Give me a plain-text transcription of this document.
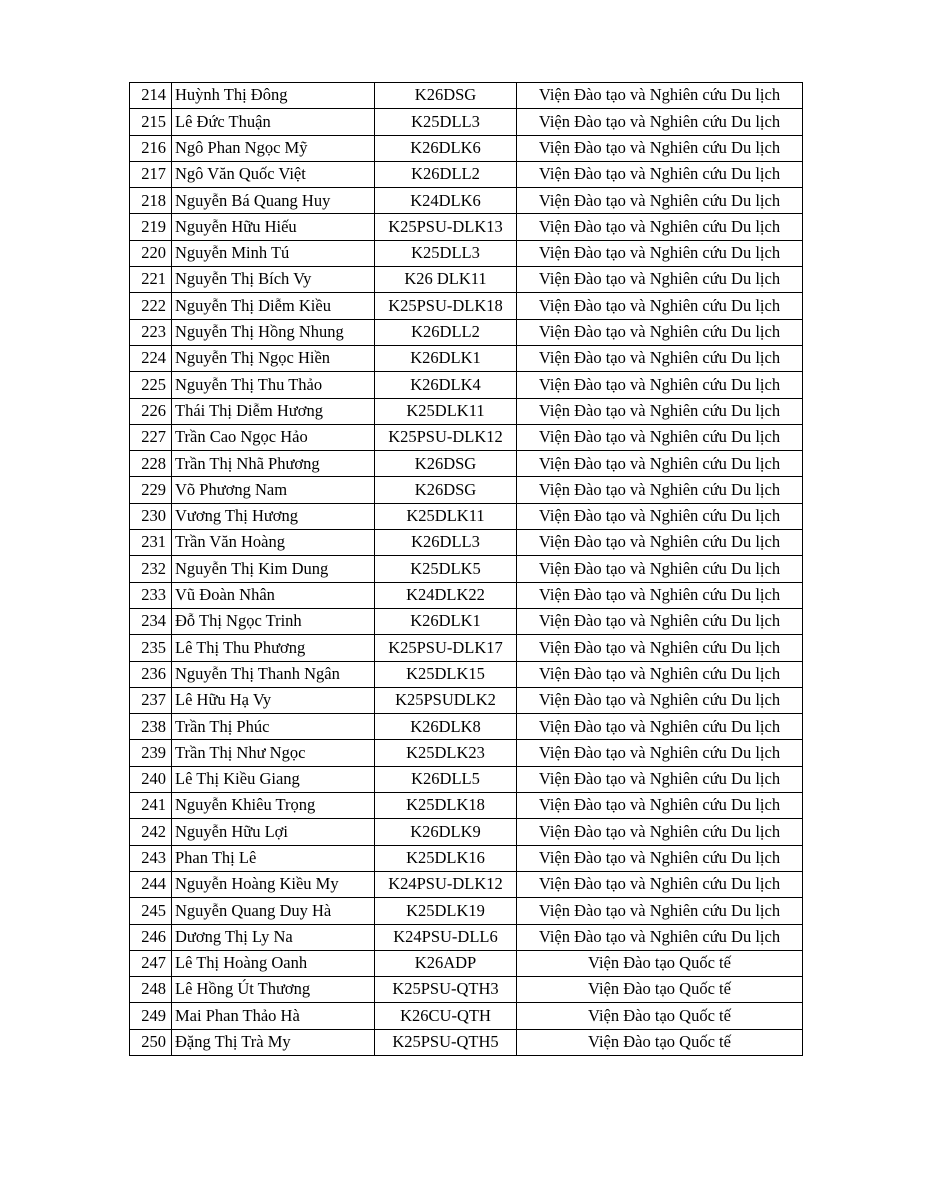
214	Huỳnh Thị Đông	K26DSG	Viện Đào tạo và Nghiên cứu Du lịch
215	Lê Đức Thuận	K25DLL3	Viện Đào tạo và Nghiên cứu Du lịch
216	Ngô Phan Ngọc Mỹ	K26DLK6	Viện Đào tạo và Nghiên cứu Du lịch
217	Ngô Văn Quốc Việt	K26DLL2	Viện Đào tạo và Nghiên cứu Du lịch
218	Nguyễn Bá Quang Huy	K24DLK6	Viện Đào tạo và Nghiên cứu Du lịch
219	Nguyễn Hữu Hiếu	K25PSU-DLK13	Viện Đào tạo và Nghiên cứu Du lịch
220	Nguyễn Minh Tú	K25DLL3	Viện Đào tạo và Nghiên cứu Du lịch
221	Nguyễn Thị Bích Vy	K26 DLK11	Viện Đào tạo và Nghiên cứu Du lịch
222	Nguyễn Thị Diễm Kiều	K25PSU-DLK18	Viện Đào tạo và Nghiên cứu Du lịch
223	Nguyễn Thị Hồng Nhung	K26DLL2	Viện Đào tạo và Nghiên cứu Du lịch
224	Nguyễn Thị Ngọc Hiền	K26DLK1	Viện Đào tạo và Nghiên cứu Du lịch
225	Nguyễn Thị Thu Thảo	K26DLK4	Viện Đào tạo và Nghiên cứu Du lịch
226	Thái Thị Diễm Hương	K25DLK11	Viện Đào tạo và Nghiên cứu Du lịch
227	Trần Cao Ngọc Hảo	K25PSU-DLK12	Viện Đào tạo và Nghiên cứu Du lịch
228	Trần Thị Nhã Phương	K26DSG	Viện Đào tạo và Nghiên cứu Du lịch
229	Võ Phương Nam	K26DSG	Viện Đào tạo và Nghiên cứu Du lịch
230	Vương Thị Hương	K25DLK11	Viện Đào tạo và Nghiên cứu Du lịch
231	Trần Văn Hoàng	K26DLL3	Viện Đào tạo và Nghiên cứu Du lịch
232	Nguyễn Thị Kim Dung	K25DLK5	Viện Đào tạo và Nghiên cứu Du lịch
233	Vũ Đoàn Nhân	K24DLK22	Viện Đào tạo và Nghiên cứu Du lịch
234	Đỗ Thị Ngọc Trinh	K26DLK1	Viện Đào tạo và Nghiên cứu Du lịch
235	Lê Thị Thu Phương	K25PSU-DLK17	Viện Đào tạo và Nghiên cứu Du lịch
236	Nguyễn Thị Thanh Ngân	K25DLK15	Viện Đào tạo và Nghiên cứu Du lịch
237	Lê Hữu Hạ Vy	K25PSUDLK2	Viện Đào tạo và Nghiên cứu Du lịch
238	Trần Thị Phúc	K26DLK8	Viện Đào tạo và Nghiên cứu Du lịch
239	Trần Thị Như Ngọc	K25DLK23	Viện Đào tạo và Nghiên cứu Du lịch
240	Lê Thị Kiều Giang	K26DLL5	Viện Đào tạo và Nghiên cứu Du lịch
241	Nguyễn Khiêu Trọng	K25DLK18	Viện Đào tạo và Nghiên cứu Du lịch
242	Nguyễn Hữu Lợi	K26DLK9	Viện Đào tạo và Nghiên cứu Du lịch
243	Phan Thị Lê	K25DLK16	Viện Đào tạo và Nghiên cứu Du lịch
244	Nguyễn Hoàng Kiều My	K24PSU-DLK12	Viện Đào tạo và Nghiên cứu Du lịch
245	Nguyễn Quang Duy Hà	K25DLK19	Viện Đào tạo và Nghiên cứu Du lịch
246	Dương Thị Ly Na	K24PSU-DLL6	Viện Đào tạo và Nghiên cứu Du lịch
247	Lê Thị Hoàng Oanh	K26ADP	Viện Đào tạo Quốc tế
248	Lê Hồng Út Thương	K25PSU-QTH3	Viện Đào tạo Quốc tế
249	Mai Phan Thảo Hà	K26CU-QTH	Viện Đào tạo Quốc tế
250	Đặng Thị Trà My	K25PSU-QTH5	Viện Đào tạo Quốc tế
